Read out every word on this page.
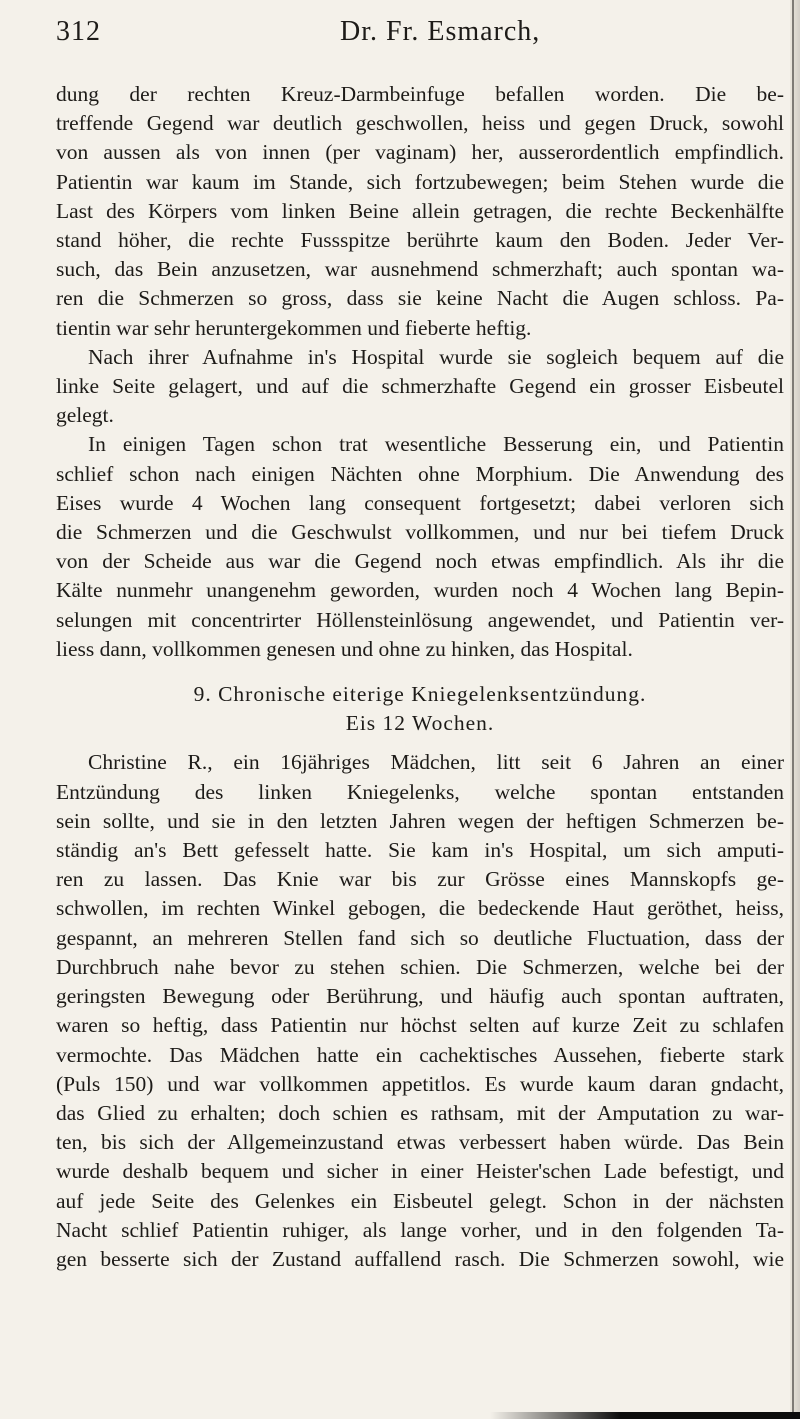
312	Dr. Fr. Esmarch,
dung der rechten Kreuz-Darmbeinfuge befallen worden. Die be-
treffende Gegend war deutlich geschwollen, heiss und gegen Druck, sowohl
von aussen als von innen (per vaginam) her, ausserordentlich empfindlich.
Patientin war kaum im Stande, sich fortzubewegen; beim Stehen wurde die
Last des Körpers vom linken Beine allein getragen, die rechte Beckenhälfte
stand höher, die rechte Fussspitze berührte kaum den Boden. Jeder Ver-
such, das Bein anzusetzen, war ausnehmend schmerzhaft; auch spontan wa-
ren die Schmerzen so gross, dass sie keine Nacht die Augen schloss. Pa-
tientin war sehr heruntergekommen und fieberte heftig.
Nach ihrer Aufnahme in's Hospital wurde sie sogleich bequem auf die
linke Seite gelagert, und auf die schmerzhafte Gegend ein grosser Eisbeutel
gelegt.
In einigen Tagen schon trat wesentliche Besserung ein, und Patientin
schlief schon nach einigen Nächten ohne Morphium. Die Anwendung des
Eises wurde 4 Wochen lang consequent fortgesetzt; dabei verloren sich
die Schmerzen und die Geschwulst vollkommen, und nur bei tiefem Druck
von der Scheide aus war die Gegend noch etwas empfindlich. Als ihr die
Kälte nunmehr unangenehm geworden, wurden noch 4 Wochen lang Bepin-
selungen mit concentrirter Höllensteinlösung angewendet, und Patientin ver-
liess dann, vollkommen genesen und ohne zu hinken, das Hospital.
9. Chronische eiterige Kniegelenksentzündung.
Eis 12 Wochen.
Christine R., ein 16jähriges Mädchen, litt seit 6 Jahren an einer
Entzündung des linken Kniegelenks, welche spontan entstanden
sein sollte, und sie in den letzten Jahren wegen der heftigen Schmerzen be-
ständig an's Bett gefesselt hatte. Sie kam in's Hospital, um sich amputi-
ren zu lassen. Das Knie war bis zur Grösse eines Mannskopfs ge-
schwollen, im rechten Winkel gebogen, die bedeckende Haut geröthet, heiss,
gespannt, an mehreren Stellen fand sich so deutliche Fluctuation, dass der
Durchbruch nahe bevor zu stehen schien. Die Schmerzen, welche bei der
geringsten Bewegung oder Berührung, und häufig auch spontan auftraten,
waren so heftig, dass Patientin nur höchst selten auf kurze Zeit zu schlafen
vermochte. Das Mädchen hatte ein cachektisches Aussehen, fieberte stark
(Puls 150) und war vollkommen appetitlos. Es wurde kaum daran gndacht,
das Glied zu erhalten; doch schien es rathsam, mit der Amputation zu war-
ten, bis sich der Allgemeinzustand etwas verbessert haben würde. Das Bein
wurde deshalb bequem und sicher in einer Heister'schen Lade befestigt, und
auf jede Seite des Gelenkes ein Eisbeutel gelegt. Schon in der nächsten
Nacht schlief Patientin ruhiger, als lange vorher, und in den folgenden Ta-
gen besserte sich der Zustand auffallend rasch. Die Schmerzen sowohl, wie
